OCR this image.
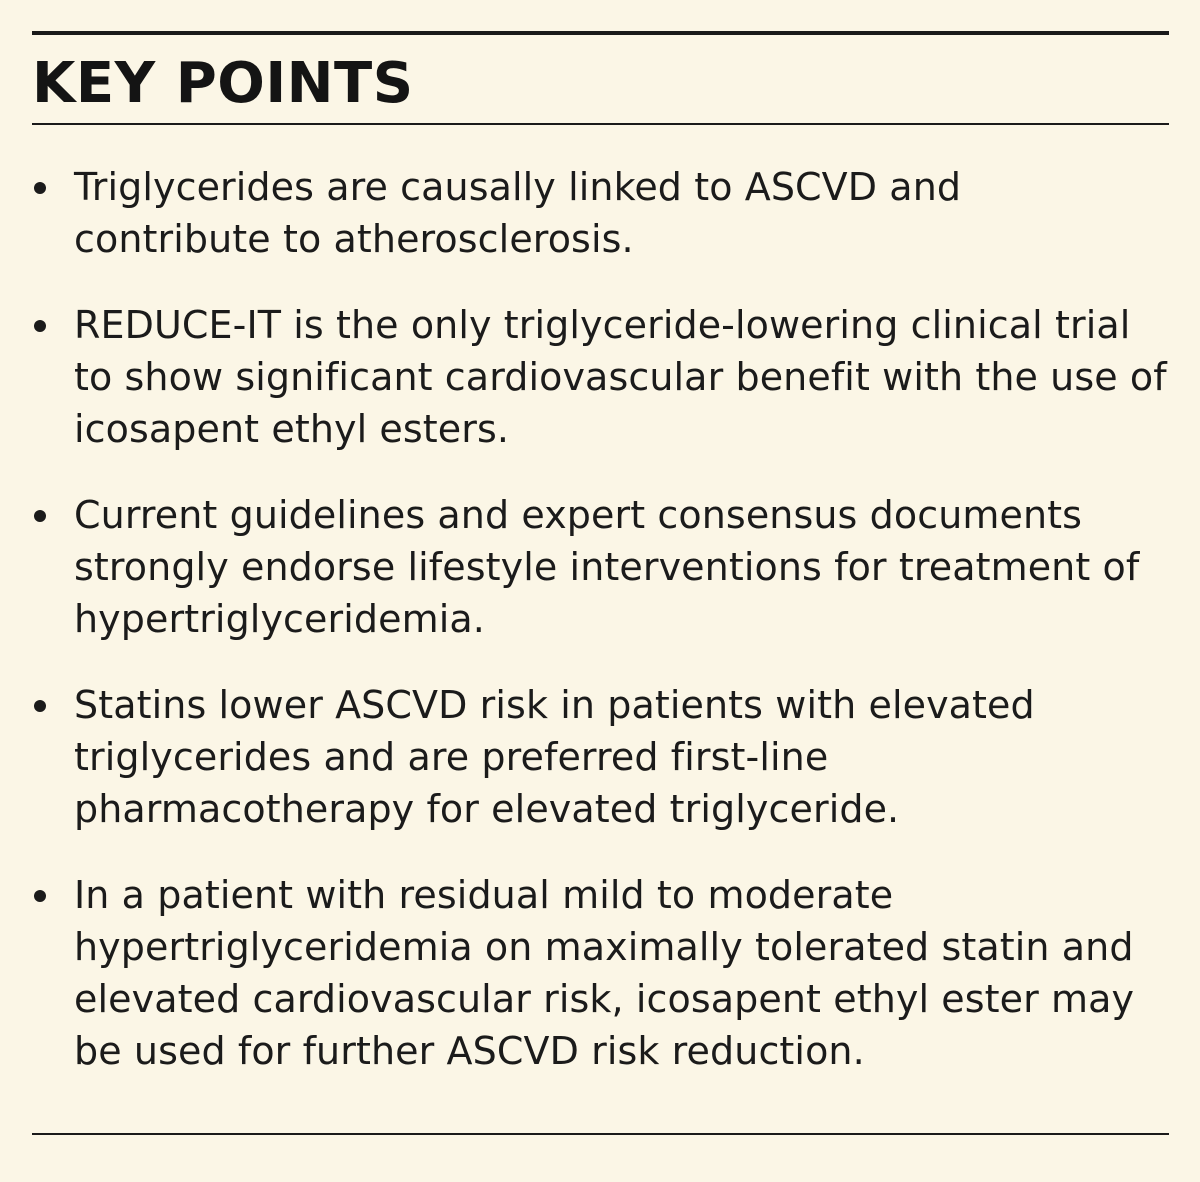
KEY POINTS
Triglycerides are causally linked to ASCVD and contribute to atherosclerosis.
REDUCE-IT is the only triglyceride-lowering clinical trial to show significant cardiovascular benefit with the use of icosapent ethyl esters.
Current guidelines and expert consensus documents strongly endorse lifestyle interventions for treatment of hypertriglyceridemia.
Statins lower ASCVD risk in patients with elevated triglycerides and are preferred first-line pharmacotherapy for elevated triglyceride.
In a patient with residual mild to moderate hypertriglyceridemia on maximally tolerated statin and elevated cardiovascular risk, icosapent ethyl ester may be used for further ASCVD risk reduction.
